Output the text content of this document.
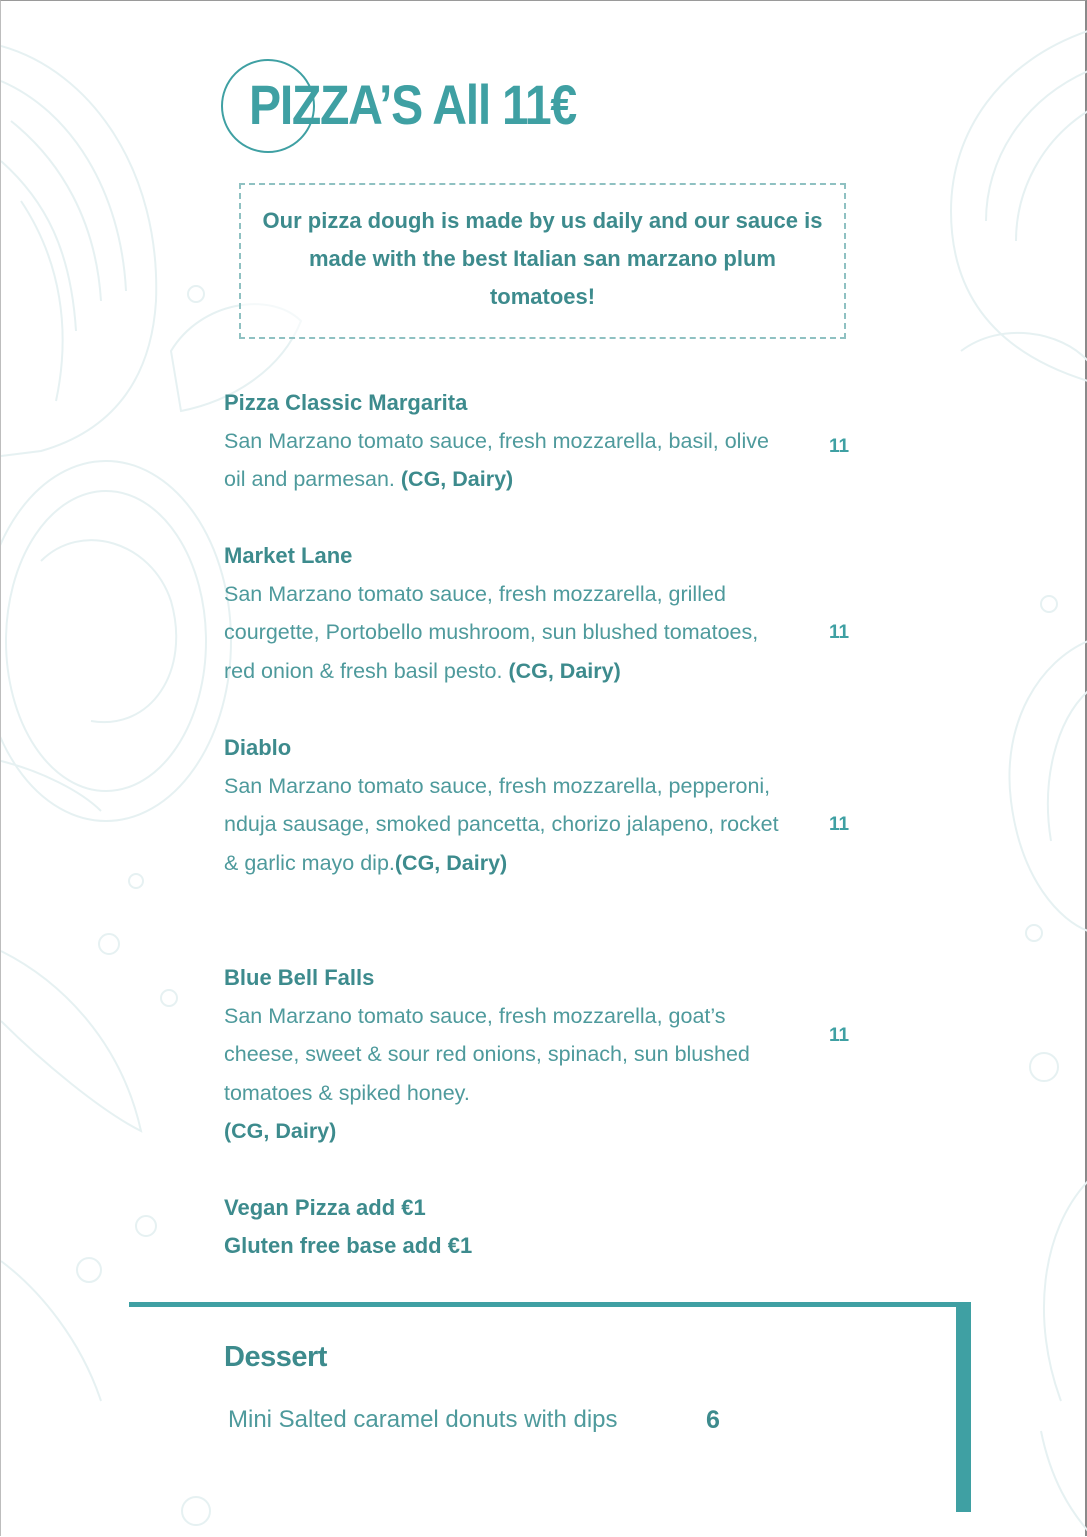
PIZZA’S All 11€
Our pizza dough is made by us daily and our sauce is made with the best Italian san marzano plum tomatoes!
Pizza Classic Margarita
San Marzano tomato sauce, fresh mozzarella, basil, olive oil and parmesan. (CG, Dairy)
11
Market Lane
San Marzano tomato sauce, fresh mozzarella, grilled courgette, Portobello mushroom, sun blushed tomatoes, red onion & fresh basil pesto. (CG, Dairy)
11
Diablo
San Marzano tomato sauce, fresh mozzarella, pepperoni, nduja sausage, smoked pancetta, chorizo jalapeno, rocket & garlic mayo dip.(CG, Dairy)
11
Blue Bell Falls
San Marzano tomato sauce, fresh mozzarella, goat’s cheese, sweet & sour red onions, spinach, sun blushed tomatoes & spiked honey.
(CG, Dairy)
11
Vegan Pizza add €1
Gluten free base add €1
Dessert
Mini Salted caramel donuts with dips	6
